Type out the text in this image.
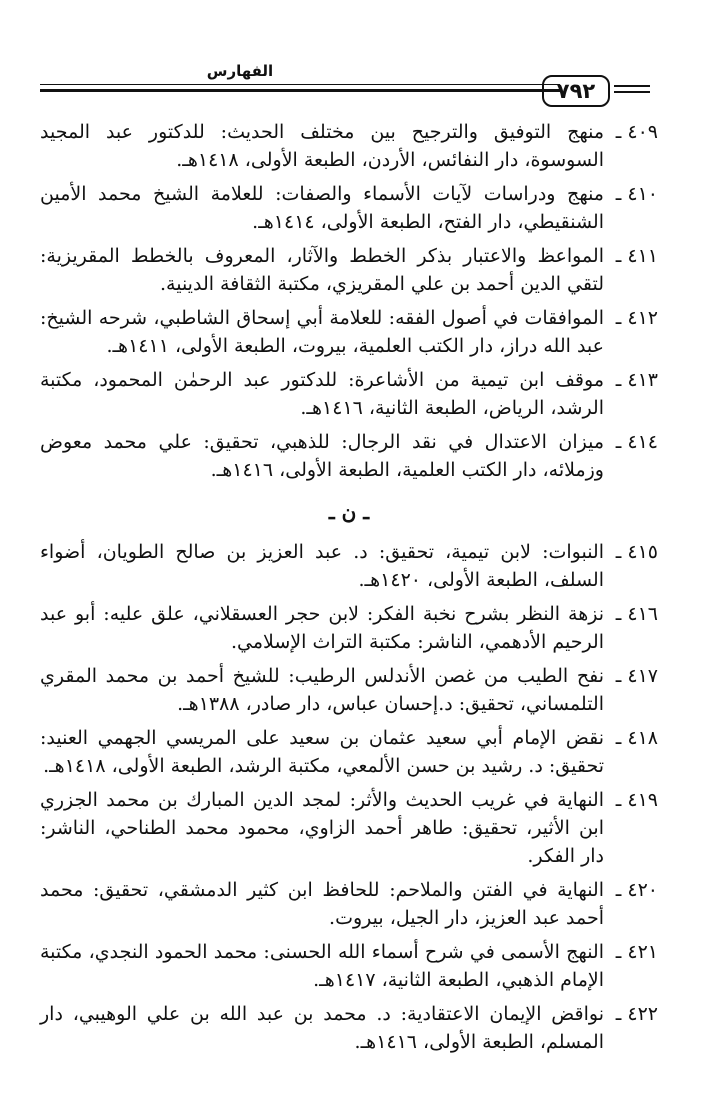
الفهارس
٧٩٢
٤٠٩ ـ
منهج التوفيق والترجيح بين مختلف الحديث: للدكتور عبد المجيد السوسوة، دار النفائس، الأردن، الطبعة الأولى، ١٤١٨هـ.
٤١٠ ـ
منهج ودراسات لآيات الأسماء والصفات: للعلامة الشيخ محمد الأمين الشنقيطي، دار الفتح، الطبعة الأولى، ١٤١٤هـ.
٤١١ ـ
المواعظ والاعتبار بذكر الخطط والآثار، المعروف بالخطط المقريزية: لتقي الدين أحمد بن علي المقريزي، مكتبة الثقافة الدينية.
٤١٢ ـ
الموافقات في أصول الفقه: للعلامة أبي إسحاق الشاطبي، شرحه الشيخ: عبد الله دراز، دار الكتب العلمية، بيروت، الطبعة الأولى، ١٤١١هـ.
٤١٣ ـ
موقف ابن تيمية من الأشاعرة: للدكتور عبد الرحمٰن المحمود، مكتبة الرشد، الرياض، الطبعة الثانية، ١٤١٦هـ.
٤١٤ ـ
ميزان الاعتدال في نقد الرجال: للذهبي، تحقيق: علي محمد معوض وزملائه، دار الكتب العلمية، الطبعة الأولى، ١٤١٦هـ.
ـ ن ـ
٤١٥ ـ
النبوات: لابن تيمية، تحقيق: د. عبد العزيز بن صالح الطويان، أضواء السلف، الطبعة الأولى، ١٤٢٠هـ.
٤١٦ ـ
نزهة النظر بشرح نخبة الفكر: لابن حجر العسقلاني، علق عليه: أبو عبد الرحيم الأدهمي، الناشر: مكتبة التراث الإسلامي.
٤١٧ ـ
نفح الطيب من غصن الأندلس الرطيب: للشيخ أحمد بن محمد المقري التلمساني، تحقيق: د.إحسان عباس، دار صادر، ١٣٨٨هـ.
٤١٨ ـ
نقض الإمام أبي سعيد عثمان بن سعيد على المريسي الجهمي العنيد: تحقيق: د. رشيد بن حسن الألمعي، مكتبة الرشد، الطبعة الأولى، ١٤١٨هـ.
٤١٩ ـ
النهاية في غريب الحديث والأثر: لمجد الدين المبارك بن محمد الجزري ابن الأثير، تحقيق: طاهر أحمد الزاوي، محمود محمد الطناحي، الناشر: دار الفكر.
٤٢٠ ـ
النهاية في الفتن والملاحم: للحافظ ابن كثير الدمشقي، تحقيق: محمد أحمد عبد العزيز، دار الجيل، بيروت.
٤٢١ ـ
النهج الأسمى في شرح أسماء الله الحسنى: محمد الحمود النجدي، مكتبة الإمام الذهبي، الطبعة الثانية، ١٤١٧هـ.
٤٢٢ ـ
نواقض الإيمان الاعتقادية: د. محمد بن عبد الله بن علي الوهيبي، دار المسلم، الطبعة الأولى، ١٤١٦هـ.
